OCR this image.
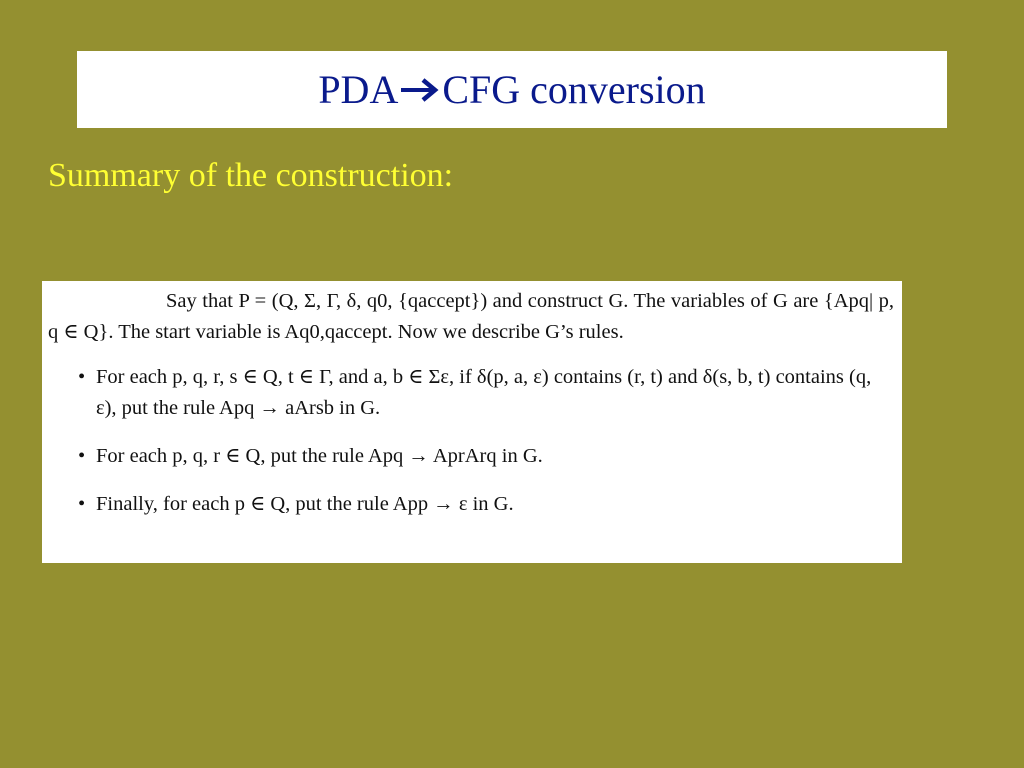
PDA CFG conversion
Summary of the construction:

Say that P = (Q, Σ, Γ, δ, q0, {qaccept}) and construct G. The variables of G are {Apq| p, q ∈ Q}. The start variable is Aq0,qaccept. Now we describe G’s rules.

• For each p, q, r, s ∈ Q, t ∈ Γ, and a, b ∈ Σε, if δ(p, a, ε) contains (r, t) and δ(s, b, t) contains (q, ε), put the rule Apq → aArsb in G.
• For each p, q, r ∈ Q, put the rule Apq → AprArq in G.
• Finally, for each p ∈ Q, put the rule App → ε in G.
